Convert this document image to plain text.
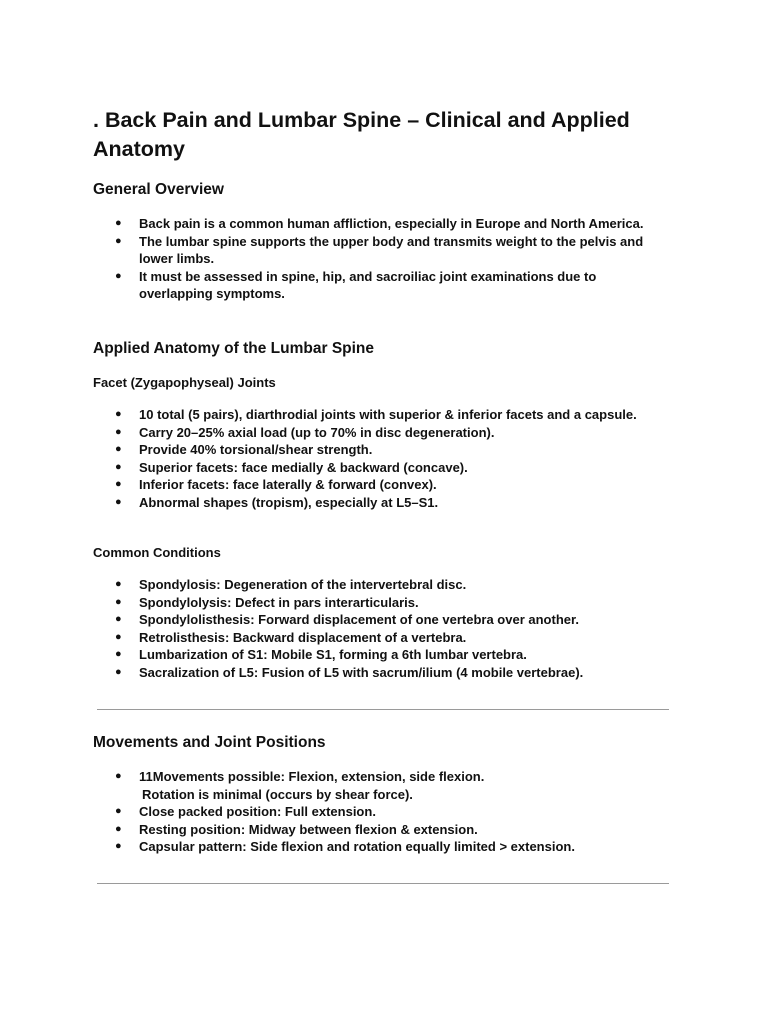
. Back Pain and Lumbar Spine – Clinical and Applied Anatomy
General Overview
● Back pain is a common human affliction, especially in Europe and North America.
● The lumbar spine supports the upper body and transmits weight to the pelvis and lower limbs.
● It must be assessed in spine, hip, and sacroiliac joint examinations due to overlapping symptoms.
Applied Anatomy of the Lumbar Spine
Facet (Zygapophyseal) Joints
● 10 total (5 pairs), diarthrodial joints with superior & inferior facets and a capsule.
● Carry 20–25% axial load (up to 70% in disc degeneration).
● Provide 40% torsional/shear strength.
● Superior facets: face medially & backward (concave).
● Inferior facets: face laterally & forward (convex).
● Abnormal shapes (tropism), especially at L5–S1.
Common Conditions
● Spondylosis: Degeneration of the intervertebral disc.
● Spondylolysis: Defect in pars interarticularis.
● Spondylolisthesis: Forward displacement of one vertebra over another.
● Retrolisthesis: Backward displacement of a vertebra.
● Lumbarization of S1: Mobile S1, forming a 6th lumbar vertebra.
● Sacralization of L5: Fusion of L5 with sacrum/ilium (4 mobile vertebrae).
Movements and Joint Positions
● 11Movements possible: Flexion, extension, side flexion.
Rotation is minimal (occurs by shear force).
● Close packed position: Full extension.
● Resting position: Midway between flexion & extension.
● Capsular pattern: Side flexion and rotation equally limited > extension.
